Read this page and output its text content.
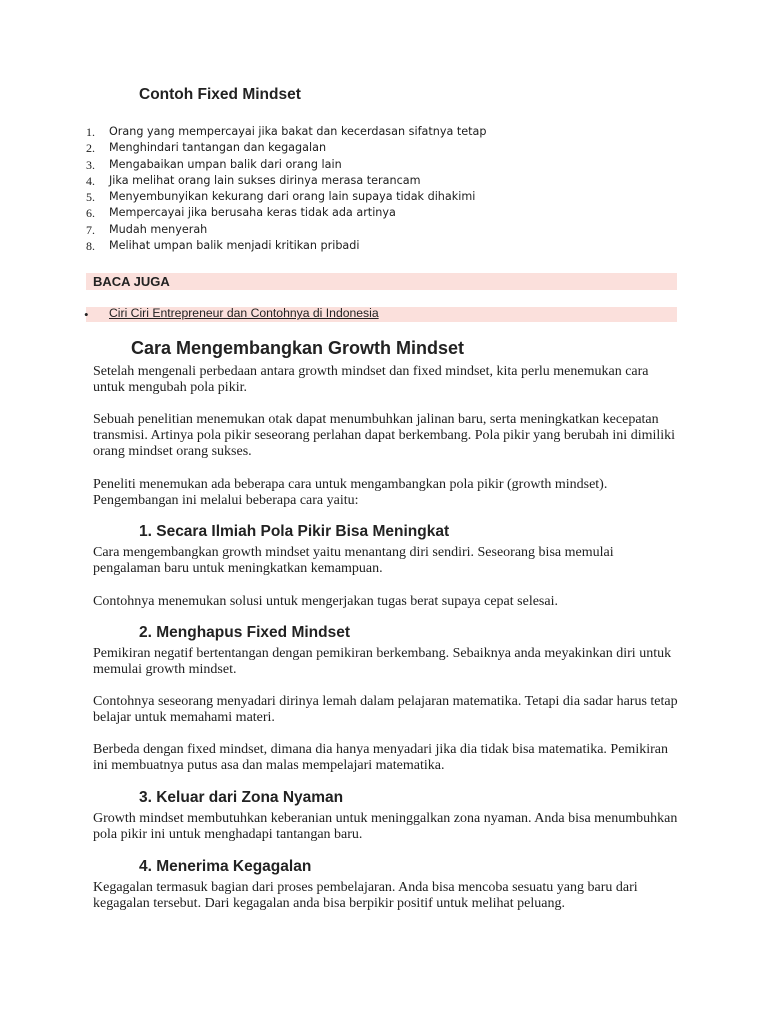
Contoh Fixed Mindset
1. Orang yang mempercayai jika bakat dan kecerdasan sifatnya tetap
2. Menghindari tantangan dan kegagalan
3. Mengabaikan umpan balik dari orang lain
4. Jika melihat orang lain sukses dirinya merasa terancam
5. Menyembunyikan kekurang dari orang lain supaya tidak dihakimi
6. Mempercayai jika berusaha keras tidak ada artinya
7. Mudah menyerah
8. Melihat umpan balik menjadi kritikan pribadi
BACA JUGA
• Ciri Ciri Entrepreneur dan Contohnya di Indonesia
Cara Mengembangkan Growth Mindset

Setelah mengenali perbedaan antara growth mindset dan fixed mindset, kita perlu menemukan cara untuk mengubah pola pikir.

Sebuah penelitian menemukan otak dapat menumbuhkan jalinan baru, serta meningkatkan kecepatan transmisi. Artinya pola pikir seseorang perlahan dapat berkembang. Pola pikir yang berubah ini dimiliki orang mindset orang sukses.

Peneliti menemukan ada beberapa cara untuk mengambangkan pola pikir (growth mindset). Pengembangan ini melalui beberapa cara yaitu:

1. Secara Ilmiah Pola Pikir Bisa Meningkat

Cara mengembangkan growth mindset yaitu menantang diri sendiri. Seseorang bisa memulai pengalaman baru untuk meningkatkan kemampuan.

Contohnya menemukan solusi untuk mengerjakan tugas berat supaya cepat selesai.

2. Menghapus Fixed Mindset

Pemikiran negatif bertentangan dengan pemikiran berkembang. Sebaiknya anda meyakinkan diri untuk memulai growth mindset.

Contohnya seseorang menyadari dirinya lemah dalam pelajaran matematika. Tetapi dia sadar harus tetap belajar untuk memahami materi.

Berbeda dengan fixed mindset, dimana dia hanya menyadari jika dia tidak bisa matematika. Pemikiran ini membuatnya putus asa dan malas mempelajari matematika.

3. Keluar dari Zona Nyaman

Growth mindset membutuhkan keberanian untuk meninggalkan zona nyaman. Anda bisa menumbuhkan pola pikir ini untuk menghadapi tantangan baru.

4. Menerima Kegagalan

Kegagalan termasuk bagian dari proses pembelajaran. Anda bisa mencoba sesuatu yang baru dari kegagalan tersebut. Dari kegagalan anda bisa berpikir positif untuk melihat peluang.
